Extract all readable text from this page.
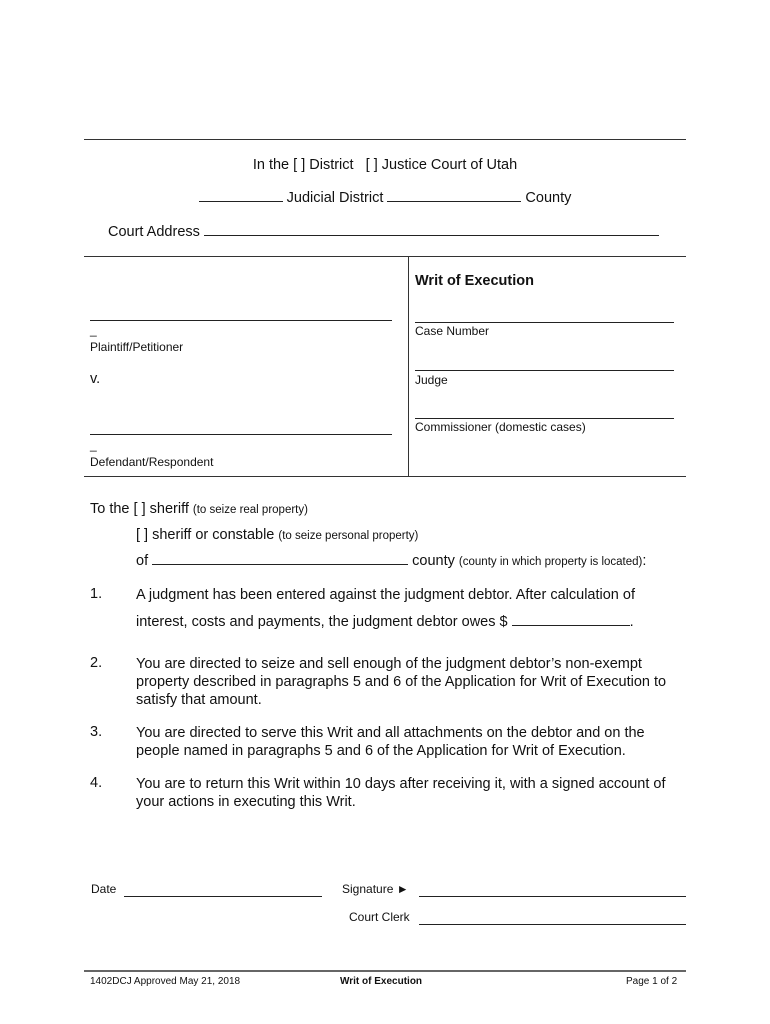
In the [ ] District [ ] Justice Court of Utah
Judicial District	County
Court Address
_
Plaintiff/Petitioner
v.
_
Defendant/Respondent
Writ of Execution
Case Number
Judge
Commissioner (domestic cases)
To the [ ] sheriff (to seize real property)
[ ] sheriff or constable (to seize personal property)
of	county (county in which property is located):
1. A judgment has been entered against the judgment debtor. After calculation of
interest, costs and payments, the judgment debtor owes $	.
2. You are directed to seize and sell enough of the judgment debtor’s non-exempt property described in paragraphs 5 and 6 of the Application for Writ of Execution to satisfy that amount.
3. You are directed to serve this Writ and all attachments on the debtor and on the people named in paragraphs 5 and 6 of the Application for Writ of Execution.
4. You are to return this Writ within 10 days after receiving it, with a signed account of your actions in executing this Writ.
Date	Signature ►
Court Clerk
1402DCJ Approved May 21, 2018	Writ of Execution	Page 1 of 2
